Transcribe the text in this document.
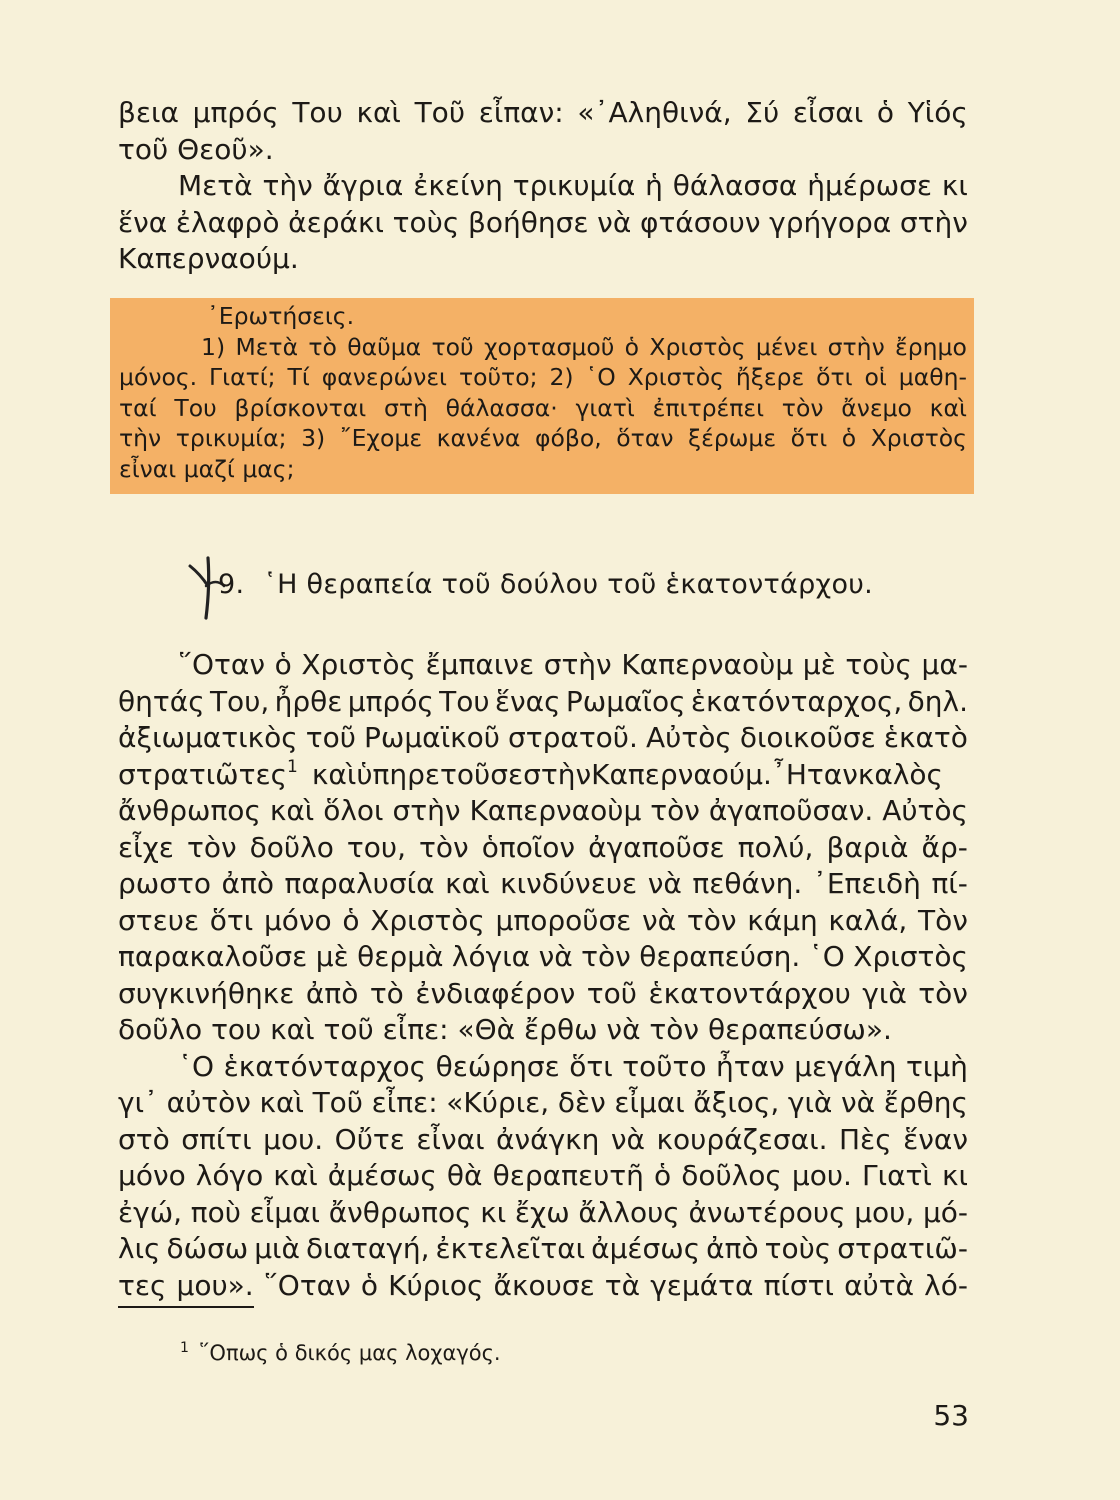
βεια μπρός Του καὶ Τοῦ εἶπαν: «᾿Αληθινά, Σύ εἶσαι ὁ Υἱός
τοῦ Θεοῦ».
Μετὰ τὴν ἄγρια ἐκείνη τρικυμία ἡ θάλασσα ἡμέρωσε κι
ἕνα ἐλαφρὸ ἀεράκι τοὺς βοήθησε νὰ φτάσουν γρήγορα στὴν
Καπερναούμ.
᾿Ερωτήσεις.
1) Μετὰ τὸ θαῦμα τοῦ χορτασμοῦ ὁ Χριστὸς μένει στὴν ἔρημο
μόνος. Γιατί; Τί φανερώνει τοῦτο; 2) ῾Ο Χριστὸς ἤξερε ὅτι οἱ μαθη-
ταί Του βρίσκονται στὴ θάλασσα· γιατὶ ἐπιτρέπει τὸν ἄνεμο καὶ
τὴν τρικυμία; 3) ῎Εχομε κανένα φόβο, ὅταν ξέρωμε ὅτι ὁ Χριστὸς
εἶναι μαζί μας;
9. ῾Η θεραπεία τοῦ δούλου τοῦ ἑκατοντάρχου.
῞Οταν ὁ Χριστὸς ἔμπαινε στὴν Καπερναοὺμ μὲ τοὺς μα-
θητάς Του, ἦρθε μπρός Του ἕνας Ρωμαῖος ἑκατόνταρχος, δηλ.
ἀξιωματικὸς τοῦ Ρωμαϊκοῦ στρατοῦ. Αὐτὸς διοικοῦσε ἑκατὸ
στρατιῶτες$^1$ καὶὑπηρετοῦσεστὴνΚαπερναούμ.῏Ητανκαλὸς
ἄνθρωπος καὶ ὅλοι στὴν Καπερναοὺμ τὸν ἀγαποῦσαν. Αὐτὸς
εἶχε τὸν δοῦλο του, τὸν ὁποῖον ἀγαποῦσε πολύ, βαριὰ ἄρ-
ρωστο ἀπὸ παραλυσία καὶ κινδύνευε νὰ πεθάνη. ᾿Επειδὴ πί-
στευε ὅτι μόνο ὁ Χριστὸς μποροῦσε νὰ τὸν κάμη καλά, Τὸν
παρακαλοῦσε μὲ θερμὰ λόγια νὰ τὸν θεραπεύση. ῾Ο Χριστὸς
συγκινήθηκε ἀπὸ τὸ ἐνδιαφέρον τοῦ ἑκατοντάρχου γιὰ τὸν
δοῦλο του καὶ τοῦ εἶπε: «Θὰ ἔρθω νὰ τὸν θεραπεύσω».
῾Ο ἑκατόνταρχος θεώρησε ὅτι τοῦτο ἦταν μεγάλη τιμὴ
γι᾿ αὐτὸν καὶ Τοῦ εἶπε: «Κύριε, δὲν εἶμαι ἄξιος, γιὰ νὰ ἔρθης
στὸ σπίτι μου. Οὔτε εἶναι ἀνάγκη νὰ κουράζεσαι. Πὲς ἕναν
μόνο λόγο καὶ ἀμέσως θὰ θεραπευτῆ ὁ δοῦλος μου. Γιατὶ κι
ἐγώ, ποὺ εἶμαι ἄνθρωπος κι ἔχω ἄλλους ἀνωτέρους μου, μό-
λις δώσω μιὰ διαταγή, ἐκτελεῖται ἀμέσως ἀπὸ τοὺς στρατιῶ-
τες μου». ῞Οταν ὁ Κύριος ἄκουσε τὰ γεμάτα πίστι αὐτὰ λό-
$^1$ ῞Οπως ὁ δικός μας λοχαγός.
53
